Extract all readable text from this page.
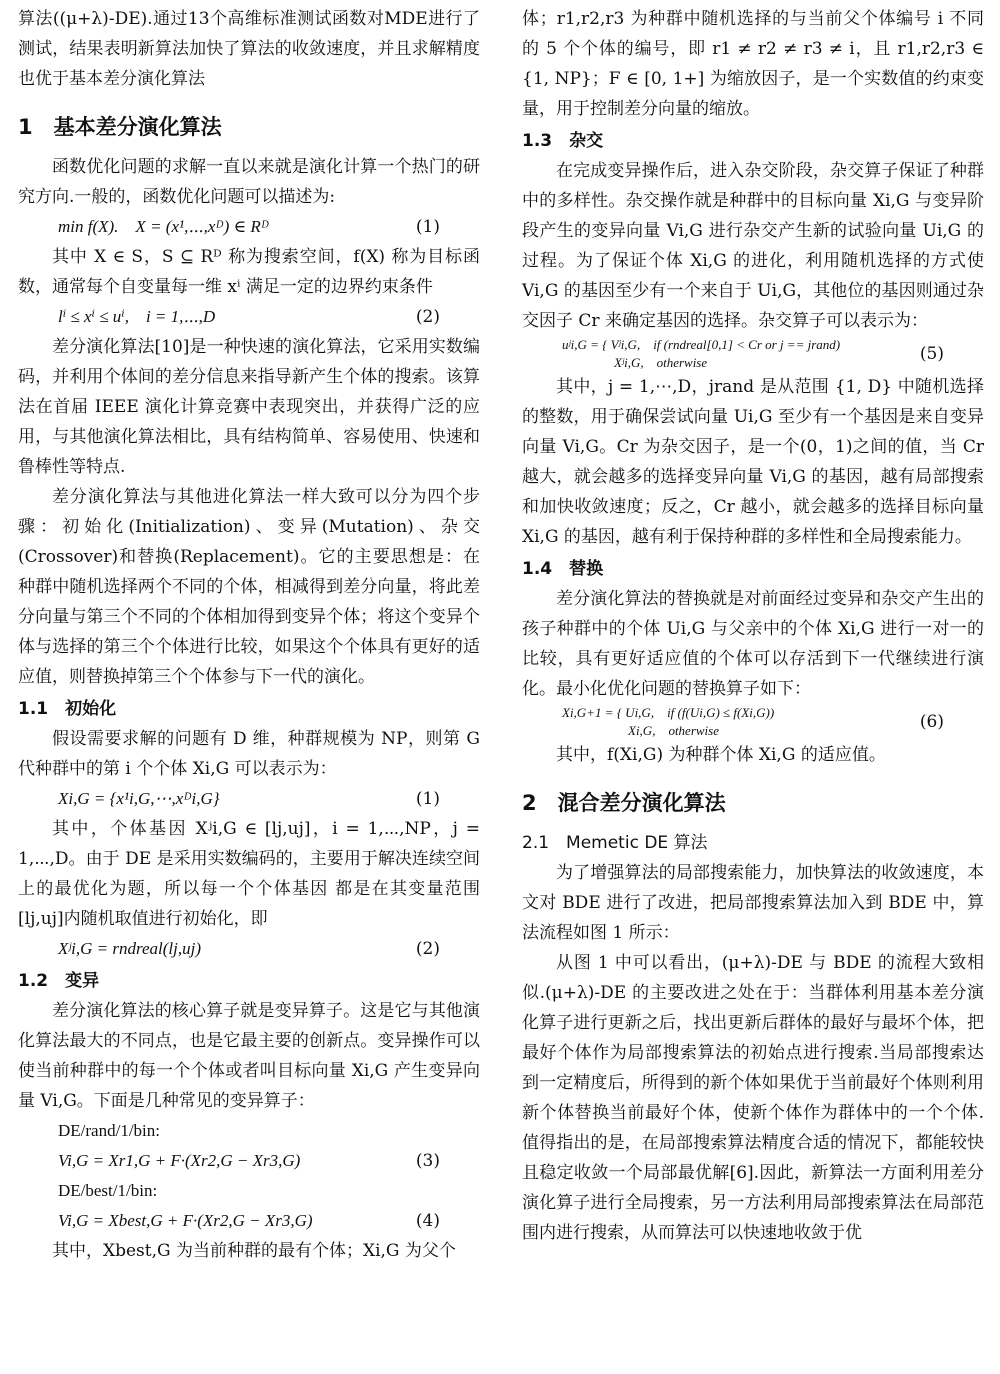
算法((μ+λ)-DE).通过13个高维标准测试函数对MDE进行了测试，结果表明新算法加快了算法的收敛速度，并且求解精度也优于基本差分演化算法

1　基本差分演化算法

函数优化问题的求解一直以来就是演化计算一个热门的研究方向.一般的，函数优化问题可以描述为:

min f(X).　X = (x¹,⋯,xᴰ) ∈ Rᴰ	(1)

其中 X ∈ S，S ⊆ Rᴰ 称为搜索空间，f(X) 称为目标函数，通常每个自变量每一维 xⁱ 满足一定的边界约束条件

lⁱ ≤ xⁱ ≤ uⁱ,　i = 1,⋯,D	(2)

差分演化算法[10]是一种快速的演化算法，它采用实数编码，并利用个体间的差分信息来指导新产生个体的搜索。该算法在首届 IEEE 演化计算竞赛中表现突出，并获得广泛的应用，与其他演化算法相比，具有结构简单、容易使用、快速和鲁棒性等特点.

差分演化算法与其他进化算法一样大致可以分为四个步骤：初始化(Initialization)、变异(Mutation)、杂交(Crossover)和替换(Replacement)。它的主要思想是：在种群中随机选择两个不同的个体，相减得到差分向量，将此差分向量与第三个不同的个体相加得到变异个体；将这个变异个体与选择的第三个个体进行比较，如果这个个体具有更好的适应值，则替换掉第三个个体参与下一代的演化。

1.1　初始化

假设需要求解的问题有 D 维，种群规模为 NP，则第 G 代种群中的第 i 个个体 Xi,G 可以表示为：

Xi,G = {x¹i,G,⋯,xᴰi,G}	(1)

其中，个体基因 Xʲi,G ∈ [lj,uj]，i = 1,⋯,NP，j = 1,⋯,D。由于 DE 是采用实数编码的，主要用于解决连续空间上的最优化为题，所以每一个个体基因 都是在其变量范围[lj,uj]内随机取值进行初始化，即

Xʲi,G = rndreal(lj,uj)	(2)
1.2　变异

差分演化算法的核心算子就是变异算子。这是它与其他演化算法最大的不同点，也是它最主要的创新点。变异操作可以使当前种群中的每一个个体或者叫目标向量 Xi,G 产生变异向量 Vi,G。下面是几种常见的变异算子：

DE/rand/1/bin:
Vi,G = Xr1,G + F·(Xr2,G − Xr3,G)	(3)
DE/best/1/bin:
Vi,G = Xbest,G + F·(Xr2,G − Xr3,G)	(4)

其中，Xbest,G 为当前种群的最有个体；Xi,G 为父个

体；r1,r2,r3 为种群中随机选择的与当前父个体编号 i 不同的 5 个个体的编号，即 r1 ≠ r2 ≠ r3 ≠ i，且 r1,r2,r3 ∈ {1, NP}；F ∈ [0, 1+] 为缩放因子，是一个实数值的约束变量，用于控制差分向量的缩放。

1.3　杂交

在完成变异操作后，进入杂交阶段，杂交算子保证了种群中的多样性。杂交操作就是种群中的目标向量 Xi,G 与变异阶段产生的变异向量 Vi,G 进行杂交产生新的试验向量 Ui,G 的过程。为了保证个体 Xi,G 的进化，利用随机选择的方式使 Vi,G 的基因至少有一个来自于 Ui,G，其他位的基因则通过杂交因子 Cr 来确定基因的选择。杂交算子可以表示为：

uʲi,G = { Vʲi,G,　if (rndreal[0,1] < Cr or j == jrand)
Xʲi,G,　otherwise	(5)

其中，j = 1,⋯,D，jrand 是从范围 {1, D} 中随机选择的整数，用于确保尝试向量 Ui,G 至少有一个基因是来自变异向量 Vi,G。Cr 为杂交因子，是一个(0，1)之间的值，当 Cr 越大，就会越多的选择变异向量 Vi,G 的基因，越有局部搜索和加快收敛速度；反之，Cr 越小，就会越多的选择目标向量 Xi,G 的基因，越有利于保持种群的多样性和全局搜索能力。

1.4　替换

差分演化算法的替换就是对前面经过变异和杂交产生出的孩子种群中的个体 Ui,G 与父亲中的个体 Xi,G 进行一对一的比较，具有更好适应值的个体可以存活到下一代继续进行演化。最小化优化问题的替换算子如下：

Xi,G+1 = { Ui,G,　if (f(Ui,G) ≤ f(Xi,G))
Xi,G,　otherwise	(6)

其中，f(Xi,G) 为种群个体 Xi,G 的适应值。

2　混合差分演化算法
2.1　Memetic DE 算法

为了增强算法的局部搜索能力，加快算法的收敛速度，本文对 BDE 进行了改进，把局部搜索算法加入到 BDE 中，算法流程如图 1 所示：

从图 1 中可以看出，(μ+λ)-DE 与 BDE 的流程大致相似.(μ+λ)-DE 的主要改进之处在于：当群体利用基本差分演化算子进行更新之后，找出更新后群体的最好与最坏个体，把最好个体作为局部搜索算法的初始点进行搜索.当局部搜索达到一定精度后，所得到的新个体如果优于当前最好个体则利用新个体替换当前最好个体，使新个体作为群体中的一个个体.值得指出的是，在局部搜索算法精度合适的情况下，都能较快且稳定收敛一个局部最优解[6].因此，新算法一方面利用差分演化算子进行全局搜索，另一方法利用局部搜索算法在局部范围内进行搜索，从而算法可以快速地收敛于优
